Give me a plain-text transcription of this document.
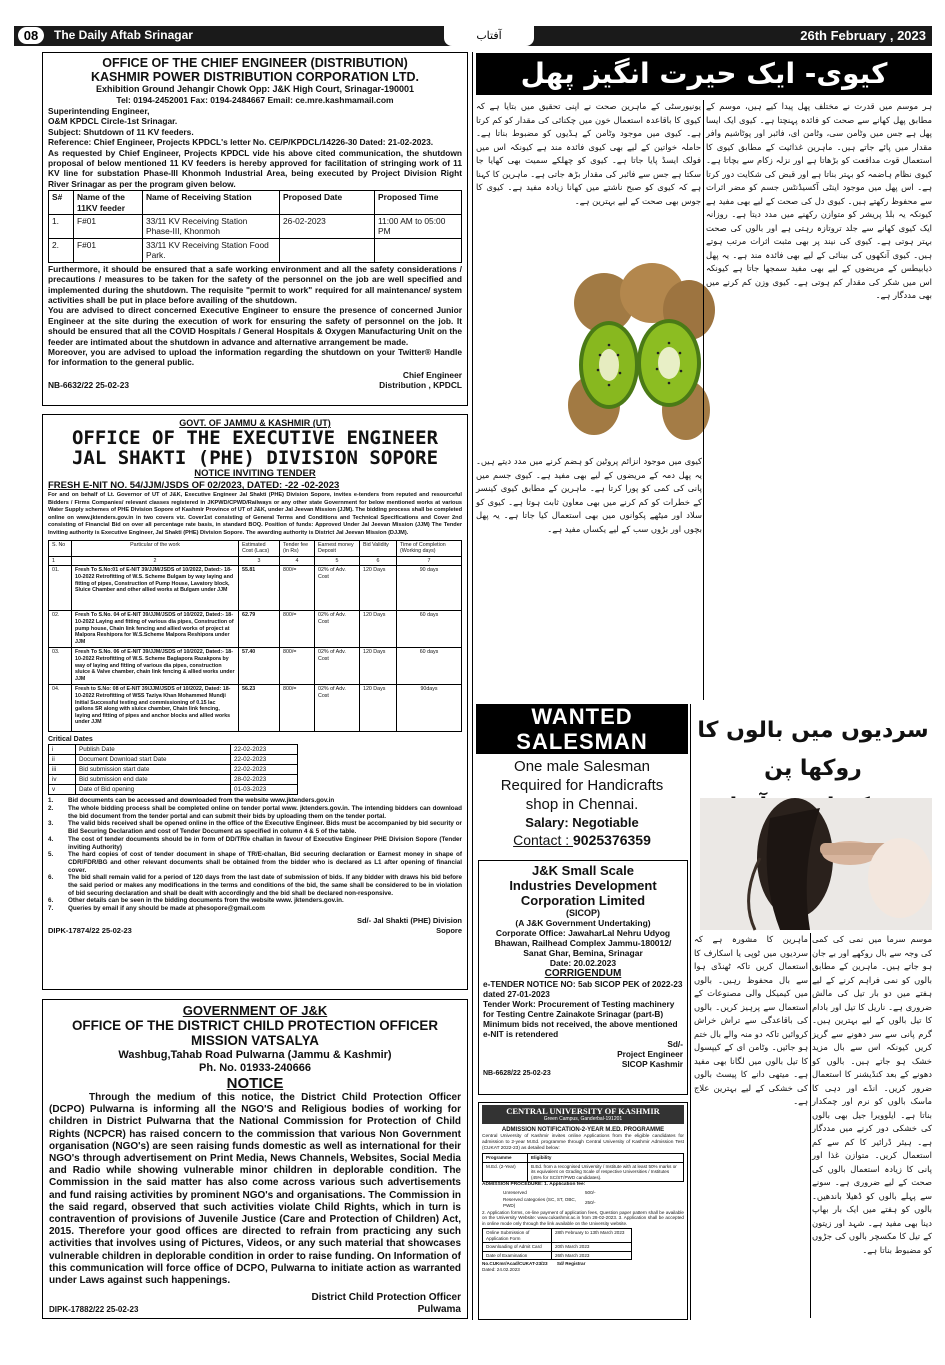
08	The Daily Aftab Srinagar	آفتاب	26th February , 2023
OFFICE OF THE CHIEF ENGINEER (DISTRIBUTION)
KASHMIR POWER DISTRIBUTION CORPORATION LTD.
Exhibition Ground Jehangir Chowk Opp: J&K High Court, Srinagar-190001
Tel: 0194-2452001 Fax: 0194-2484667 Email: ce.mre.kashmamail.com
Superintending Engineer,
O&M KPDCL Circle-1st Srinagar.
Subject: Shutdown of 11 KV feeders.
Reference: Chief Engineer, Projects KPDCL's letter No. CE/P/KPDCL/14226-30 Dated: 21-02-2023.
As requested by Chief Engineer, Projects KPDCL vide his above cited communication, the shutdown proposal of below mentioned 11 KV feeders is hereby approved for facilitation of stringing work of 11 KV line for substation Phase-III Khonmoh Industrial Area, being executed by Project Division Right River Srinagar as per the program given below.
S#	Name of the 11KV feeder	Name of Receiving Station	Proposed Date	Proposed Time
1.	F#01	33/11 KV Receiving Station Phase-III, Khonmoh	26-02-2023	11:00 AM to 05:00 PM
2.	F#01	33/11 KV Receiving Station Food Park.		
Furthermore, it should be ensured that a safe working environment and all the safety considerations / precautions / measures to be taken for the safety of the personnel on the job are well specified and implemented during the shutdown. The requisite "permit to work" required for all maintenance/ system activities shall be put in place before availing of the shutdown.
You are advised to direct concerned Executive Engineer to ensure the presence of concerned Junior Engineer at the site during the execution of work for ensuring the safety of personnel on the job. It should be ensured that all the COVID Hospitals / General Hospitals & Oxygen Manufacturing Unit on the feeder are intimated about the shutdown in advance and alternative arrangement be made.
Moreover, you are advised to upload the information regarding the shutdown on your Twitter® Handle for information to the general public.
Chief Engineer
NB-6632/22 25-02-23	Distribution , KPDCL
GOVT. OF JAMMU & KASHMIR (UT)
OFFICE OF THE EXECUTIVE ENGINEER
JAL SHAKTI (PHE) DIVISION SOPORE
NOTICE INVITING TENDER
FRESH E-NIT NO. 54/JJM/JSDS OF 02/2023, DATED: -22 -02-2023
For and on behalf of Lt. Governor of UT of J&K, Executive Engineer Jal Shakti (PHE) Division Sopore, invites e-tenders from reputed and resourceful Bidders / Firms Companies/ relevant classes registered in JKPWD/CPWD/Railways or any other state Government for below mentioned works at various Water Supply schemes of PHE Division Sopore of Kashmir Province of UT of J&K, under Jal Jeevan Mission (JJM). The bidding process shall be completed online on www.jktenders.gov.in in two covers viz. Cover1st consisting of General Terms and Conditions and Technical Specifications and Cover 2nd consisting of Financial Bid on over all percentage rate basis, in standard BOQ. Position of funds: Approved Under Jal Jeevan Mission (JJM) The Tender Inviting authority is Executive Engineer, Jal Shakti (PHE) Division Sopore. The awarding authority is District Jal Jeevan Mission (DJJM).
S. No	Particular of the work	Estimated Cost (Lacs)	Tender fee (in Rs)	Earnest money Deposit	Bid Validity	Time of Completion (Working days)
1	2	3	4	5	6	7
01.	Fresh To S.No:01 of E-NIT 39/JJM/JSDS of 10/2022, Dated:- 18-10-2022 Retrofitting of W.S. Scheme Bulgam by way laying and fitting of pipes, Construction of Pump House, Lavatory block, Sluice Chamber and other allied works at Bulgam under JJM	55.81	800/=	02% of Adv. Cost	120 Days	90 days
02.	Fresh To S.No. 04 of E-NIT 39/JJM/JSDS of 10/2022, Dated:- 18-10-2022 Laying and fitting of various dia pipes, Construction of pump house, Chain link fencing and allied works of project at Malpora Reshipora for W.S.Scheme Malpora Reshipora under JJM	62.79	800/=	02% of Adv. Cost	120 Days	60 days
03.	Fresh To S.No. 06 of E-NIT 39/JJM/JSDS of 10/2022, Dated:- 18-10-2022 Retrofitting of W.S. Scheme Baglapora Razakpora by way of laying and fitting of various dia pipes, construction sluice & Valve chamber, chain link fencing & allied works under JJM	57.40	800/=	02% of Adv. Cost	120 Days	60 days
04.	Fresh to S.No: 08 of E-NIT 39/JJM/JSDS of 10/2022, Dated: 18-10-2022 Retrofitting of WSS Taziya Khan Mohammed Mundji Initial Successful testing and commissioning of 0.15 lac gallons SR along with sluice chamber, Chain link fencing, laying and fitting of pipes and anchor blocks and allied works under JJM	56.23	800/=	02% of Adv. Cost	120 Days	90days
Critical Dates
i	Publish Date	22-02-2023
ii	Document Download start Date	22-02-2023
iii	Bid submission start date	22-02-2023
iv	Bid submission end date	28-02-2023
v	Date of Bid opening	01-03-2023
1.	Bid documents can be accessed and downloaded from the website www.jktenders.gov.in
2.	The whole bidding process shall be completed online on tender portal www. jktenders.gov.in. The intending bidders can download the bid document from the tender portal and can submit their bids by uploading them on the tender portal.
3.	The valid bids received shall be opened online in the office of the Executive Engineer. Bids must be accompanied by bid security or Bid Securing Declaration and cost of Tender Document as specified in column 4 & 5 of the table.
4.	The cost of tender documents should be in form of DD/TR/e challan in favour of Executive Engineer PHE Division Sopore (Tender inviting Authority)
5.	The hard copies of cost of tender document in shape of TR/E-challan, Bid securing declaration or Earnest money in shape of CDR/FDR/BG and other relevant documents shall be obtained from the bidder who is declared as L1 after opening of financial cover.
6.	The bid shall remain valid for a period of 120 days from the last date of submission of bids. If any bidder with draws his bid before the said period or makes any modifications in the terms and conditions of the bid, the same shall be considered to be in violation of bid securing declaration and shall be dealt with accordingly and the bid shall be declared non-responsive.
6.	Other details can be seen in the bidding documents from the website www. jktenders.gov.in.
7.	Queries by email if any should be made at phesopore@gmail.com
Sd/- Jal Shakti (PHE) Division
DIPK-17874/22 25-02-23	Sopore
GOVERNMENT OF J&K
OFFICE OF THE DISTRICT CHILD PROTECTION OFFICER
MISSION VATSALYA
Washbug,Tahab Road Pulwarna (Jammu & Kashmir)
Ph. No. 01933-240666
NOTICE
Through the medium of this notice, the District Child Protection Officer (DCPO) Pulwarna is informing all the NGO'S and Religious bodies of working for children in District Pulwarna that the National Commission for Protection of Child Rights (NCPCR) has raised concern to the commission that various Non Government organisation (NGO's) are seen raising funds domestic as well as international for their NGO's through advertisement on Print Media, News Channels, Websites, Social Media and Radio while showing vulnerable minor children in deplorable condition. The Commission in the said matter has also come across various such advertisements and fund raising activities by prominent NGO's and organisations. The Commission in the said regard, observed that such activities violate Child Rights, which in turn is contravention of provisions of Juvenile Justice (Care and Protection of Children) Act, 2015. Therefore your good offices are directed to refrain from practicing any such activities that involves using of Pictures, Videos, or any such material that showcases vulnerable children in deplorable condition in order to raise funding. On Information of this communication will force office of DCPO, Pulwarna to initiate action as warranted under Laws against such happenings.
District Child Protection Officer
Pulwama
DIPK-17882/22 25-02-23
کیوی- ایک حیرت انگیز پھل
یونیورسٹی کے ماہرین صحت نے اپنی تحقیق میں بتایا ہے کہ کیوی کا باقاعدہ استعمال خون میں چکنائی کی مقدار کو کم کرتا ہے۔ کیوی میں موجود وٹامن کے ہڈیوں کو مضبوط بناتا ہے۔ حاملہ خواتین کے لیے بھی کیوی فائدہ مند ہے کیونکہ اس میں فولک ایسڈ پایا جاتا ہے۔ کیوی کو چھلکے سمیت بھی کھایا جا سکتا ہے جس سے فائبر کی مقدار بڑھ جاتی ہے۔ ماہرین کا کہنا ہے کہ کیوی کو صبح ناشتے میں کھانا زیادہ مفید ہے۔ کیوی کا جوس بھی صحت کے لیے بہترین ہے۔
ہر موسم میں قدرت نے مختلف پھل پیدا کیے ہیں، موسم کے مطابق پھل کھانے سے صحت کو فائدہ پہنچتا ہے۔ کیوی ایک ایسا پھل ہے جس میں وٹامن سی، وٹامن ای، فائبر اور پوٹاشیم وافر مقدار میں پائے جاتے ہیں۔ ماہرین غذائیت کے مطابق کیوی کا استعمال قوت مدافعت کو بڑھاتا ہے اور نزلہ زکام سے بچاتا ہے۔ کیوی نظام ہاضمہ کو بہتر بناتا ہے اور قبض کی شکایت دور کرتا ہے۔ اس پھل میں موجود اینٹی آکسیڈنٹس جسم کو مضر اثرات سے محفوظ رکھتے ہیں۔ کیوی دل کی صحت کے لیے بھی مفید ہے کیونکہ یہ بلڈ پریشر کو متوازن رکھنے میں مدد دیتا ہے۔ روزانہ ایک کیوی کھانے سے جلد تروتازہ رہتی ہے اور بالوں کی صحت بہتر ہوتی ہے۔ کیوی کی نیند پر بھی مثبت اثرات مرتب ہوتے ہیں۔ کیوی آنکھوں کی بینائی کے لیے بھی فائدہ مند ہے۔ یہ پھل ذیابیطس کے مریضوں کے لیے بھی مفید سمجھا جاتا ہے کیونکہ اس میں شکر کی مقدار کم ہوتی ہے۔ کیوی وزن کم کرنے میں بھی مددگار ہے۔
کیوی میں موجود انزائم پروٹین کو ہضم کرنے میں مدد دیتے ہیں۔ یہ پھل دمہ کے مریضوں کے لیے بھی مفید ہے۔ کیوی جسم میں پانی کی کمی کو پورا کرتا ہے۔ ماہرین کے مطابق کیوی کینسر کے خطرات کو کم کرنے میں بھی معاون ثابت ہوتا ہے۔ کیوی کو سلاد اور میٹھے پکوانوں میں بھی استعمال کیا جاتا ہے۔ یہ پھل بچوں اور بڑوں سب کے لیے یکساں مفید ہے۔
WANTED
SALESMAN
One male Salesman
Required for Handicrafts
shop in Chennai.
Salary: Negotiable
Contact : 9025376359
J&K Small Scale
Industries Development
Corporation Limited
(SICOP)
(A J&K Government Undertaking)
Corporate Office: JawaharLal Nehru Udyog Bhawan, Railhead Complex Jammu-180012/ Sanat Ghar, Bemina, Srinagar
Date: 20.02.2023
CORRIGENDUM
e-TENDER NOTICE NO: 5ab SICOP PEK of 2022-23 dated 27-01-2023
Tender Work: Procurement of Testing machinery for Testing Centre Zainakote Srinagar (part-B)
Minimum bids not received, the above mentioned e-NIT is retendered
Sd/-
Project Engineer
SICOP Kashmir
NB-6628/22 25-02-23
CENTRAL UNIVERSITY OF KASHMIR
Green Campus, Ganderbal-191201
ADMISSION NOTIFICATION-2-YEAR M.ED. PROGRAMME
Central University of Kashmir invites online Applications from the eligible candidates for admission to 2-year M.Ed. programme through Central University of Kashmir Admission Test (CUKAT 2022-23) as detailed below:
Programme	Eligibility
M.Ed. (2-Year)	B.Ed. from a recognised University / Institute with at least 50% marks or its equivalent on Grading Scale of respective Universities / Institutes (45% for SC/ST/PWD candidates).
ADMISSION PROCEDURE: 1. Application fee:
Unreserved	500/-
Reserved categories (SC, ST, OBC, PWD)	250/-
2. Application forms, on-line payment of application fees, Question paper pattern shall be available on the University Website: www.cukashmir.ac.in from 28-02-2023. 3. Application shall be accepted in online mode only through the link available on the University website.
Online Submission of Application Form	28th February to 13th March 2023
Downloading of Admit Card	20th March 2023
Date of Examination	26th March 2023
No.CUKmr/Acad/CUKAT-23/23 Sd/ Registrar
Dated: 24.02.2023
سردیوں میں بالوں کا روکھا پن
موسم سرما میں نمی کی کمی کی وجہ سے بال روکھے اور بے جان ہو جاتے ہیں۔ ماہرین کے مطابق بالوں کو نمی فراہم کرنے کے لیے ہفتے میں دو بار تیل کی مالش ضروری ہے۔ ناریل کا تیل اور بادام کا تیل بالوں کے لیے بہترین ہیں۔ گرم پانی سے سر دھونے سے گریز کریں کیونکہ اس سے بال مزید خشک ہو جاتے ہیں۔ بالوں کو دھونے کے بعد کنڈیشنر کا استعمال ضرور کریں۔ انڈے اور دہی کا ماسک بالوں کو نرم اور چمکدار بناتا ہے۔ ایلوویرا جیل بھی بالوں کی خشکی دور کرنے میں مددگار ہے۔ ہیئر ڈرائیر کا کم سے کم استعمال کریں۔ متوازن غذا اور پانی کا زیادہ استعمال بالوں کی صحت کے لیے ضروری ہے۔ سونے سے پہلے بالوں کو ڈھیلا باندھیں۔ بالوں کو ہفتے میں ایک بار بھاپ دینا بھی مفید ہے۔ شہد اور زیتون کے تیل کا مکسچر بالوں کی جڑوں کو مضبوط بناتا ہے۔
ماہرین کا مشورہ ہے کہ سردیوں میں ٹوپی یا اسکارف کا استعمال کریں تاکہ ٹھنڈی ہوا سے بال محفوظ رہیں۔ بالوں میں کیمیکل والی مصنوعات کے استعمال سے پرہیز کریں۔ بالوں کی باقاعدگی سے تراش خراش کروائیں تاکہ دو منہ والے بال ختم ہو جائیں۔ وٹامن ای کے کیپسول کا تیل بالوں میں لگانا بھی مفید ہے۔ میتھی دانے کا پیسٹ بالوں کی خشکی کے لیے بہترین علاج ہے۔
